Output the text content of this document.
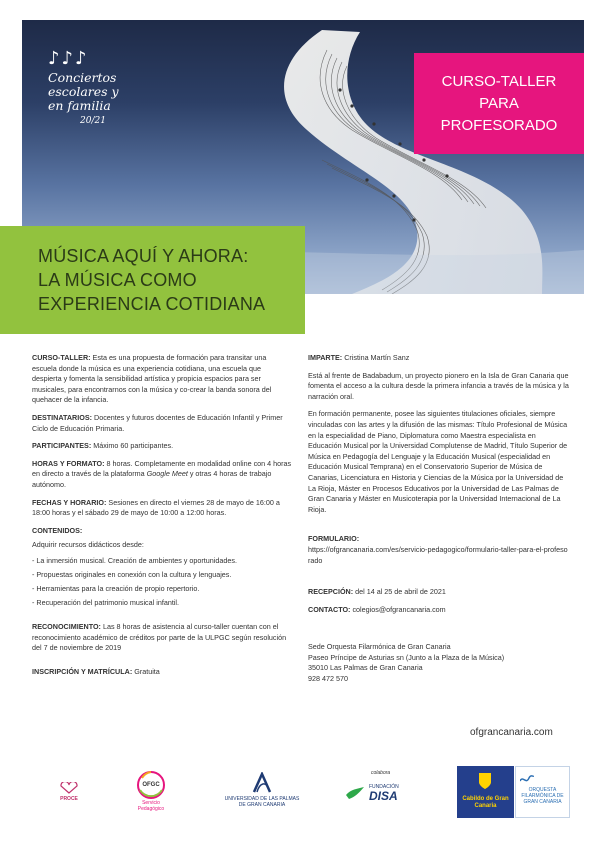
♪♪♪
Conciertos
escolares y
en familia
20/21
CURSO-TALLER
PARA
PROFESORADO
MÚSICA AQUÍ Y AHORA:
LA MÚSICA COMO
EXPERIENCIA COTIDIANA

CURSO-TALLER: Esta es una propuesta de formación para transitar una escuela donde la música es una experiencia cotidiana, una escuela que despierta y fomenta la sensibilidad artística y propicia espacios para ser musicales, para encontrarnos con la música y co-crear la banda sonora del quehacer de la infancia.

DESTINATARIOS: Docentes y futuros docentes de Educación Infantil y Primer Ciclo de Educación Primaria.

PARTICIPANTES: Máximo 60 participantes.

HORAS Y FORMATO: 8 horas. Completamente en modalidad online con 4 horas en directo a través de la plataforma Google Meet y otras 4 horas de trabajo autónomo.

FECHAS Y HORARIO: Sesiones en directo el viernes 28 de mayo de 16:00 a 18:00 horas y el sábado 29 de mayo de 10:00 a 12:00 horas.

CONTENIDOS:

Adquirir recursos didácticos desde:

- La inmersión musical. Creación de ambientes y oportunidades.

- Propuestas originales en conexión con la cultura y lenguajes.

- Herramientas para la creación de propio repertorio.

- Recuperación del patrimonio musical infantil.

RECONOCIMIENTO: Las 8 horas de asistencia al curso-taller cuentan con el reconocimiento académico de créditos por parte de la ULPGC según resolución del 7 de noviembre de 2019

INSCRIPCIÓN Y MATRÍCULA: Gratuita

IMPARTE: Cristina Martín Sanz

Está al frente de Badabadum, un proyecto pionero en la Isla de Gran Canaria que fomenta el acceso a la cultura desde la primera infancia a través de la música y la narración oral.

En formación permanente, posee las siguientes titulaciones oficiales, siempre vinculadas con las artes y la difusión de las mismas: Título Profesional de Música en la especialidad de Piano, Diplomatura como Maestra especialista en Educación Musical por la Universidad Complutense de Madrid, Título Superior de Música en Pedagogía del Lenguaje y la Educación Musical (especialidad en Educación Musical Temprana) en el Conservatorio Superior de Música de Canarias, Licenciatura en Historia y Ciencias de la Música por la Universidad de La Rioja, Máster en Procesos Educativos por la Universidad de Las Palmas de Gran Canaria y Máster en Musicoterapia por la Universidad Internacional de La Rioja.

FORMULARIO:

https://ofgrancanaria.com/es/servicio-pedagogico/formulario-taller-para-el-profesorado

RECEPCIÓN: del 14 al 25 de abril de 2021

CONTACTO: colegios@ofgrancanaria.com

Sede Orquesta Filarmónica de Gran Canaria

Paseo Príncipe de Asturias sn (Junto a la Plaza de la Música)

35010 Las Palmas de Gran Canaria

928 472 570

ofgrancanaria.com
PROCE
OFGC
Servicio Pedagógico
UNIVERSIDAD DE LAS PALMAS DE GRAN CANARIA
colabora
FUNDACIÓN
DISA	Cabildo de Gran Canaria
ORQUESTA FILARMÓNICA DE GRAN CANARIA
